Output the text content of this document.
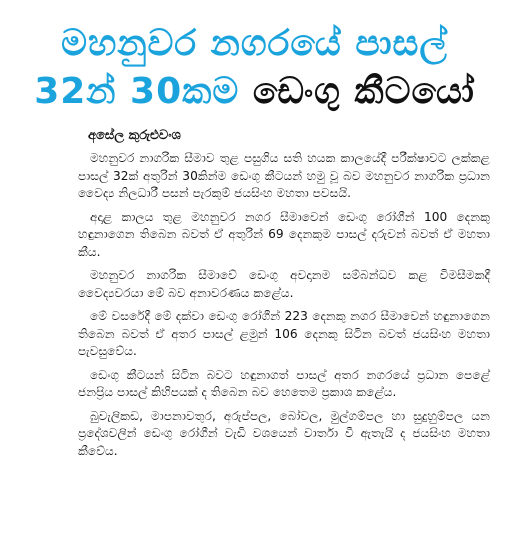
මහනුවර නගරයේ පාසල්
32න් 30කම ඩෙංගු කීටයෝ
අසේල කුරුළුවංශ

මහනුවර නාගරික සීමාව තුළ පසුගිය සති හයක කාලයේදී පරීක්ෂාවට ලක්කළ පාසල් 32ක් අතුරින් 30කින්ම ඩෙංගු කීටයන් හමු වූ බව මහනුවර නාගරික ප්‍රධාන වෛද්‍ය නිලධාරී පසන් පැරකුම් ජයසිංහ මහතා පවසයි.

අදාළ කාලය තුළ මහනුවර නගර සීමාවෙන් ඩෙංගු රෝගීන් 100 දෙනකු හඳුනාගෙන තිබෙන බවත් ඒ අතුරින් 69 දෙනකුම පාසල් දරුවන් බවත් ඒ මහතා කීය.

මහනුවර නාගරික සීමාවේ ඩෙංගු අවදානම සම්බන්ධව කළ විමසීමකදී වෛද්‍යවරයා මේ බව අනාවරණය කළේය.

මේ වසරේදී මේ දක්වා ඩෙංගු රෝගීන් 223 දෙනකු නගර සීමාවෙන් හඳුනාගෙන තිබෙන බවත් ඒ අතර පාසල් ළමුන් 106 දෙනකු සිටින බවත් ජයසිංහ මහතා පැවසුවේය.

ඩෙංගු කීටයන් සිටින බවට හඳුනාගත් පාසල් අතර නගරයේ ප්‍රධාන පෙළේ ජනප්‍රිය පාසල් කිහිපයක් ද තිබෙන බව හෙතෙම ප්‍රකාශ කළේය.

බුවැලිකඩ, මාපනාවතුර, අරුප්පල, බෝවල, මුල්ගම්පල හා සුදුහුම්පල යන ප්‍රදේශවලින් ඩෙංගු රෝගීන් වැඩි වශයෙන් වාර්තා වී ඇතැයි ද ජයසිංහ මහතා කීවේය.
